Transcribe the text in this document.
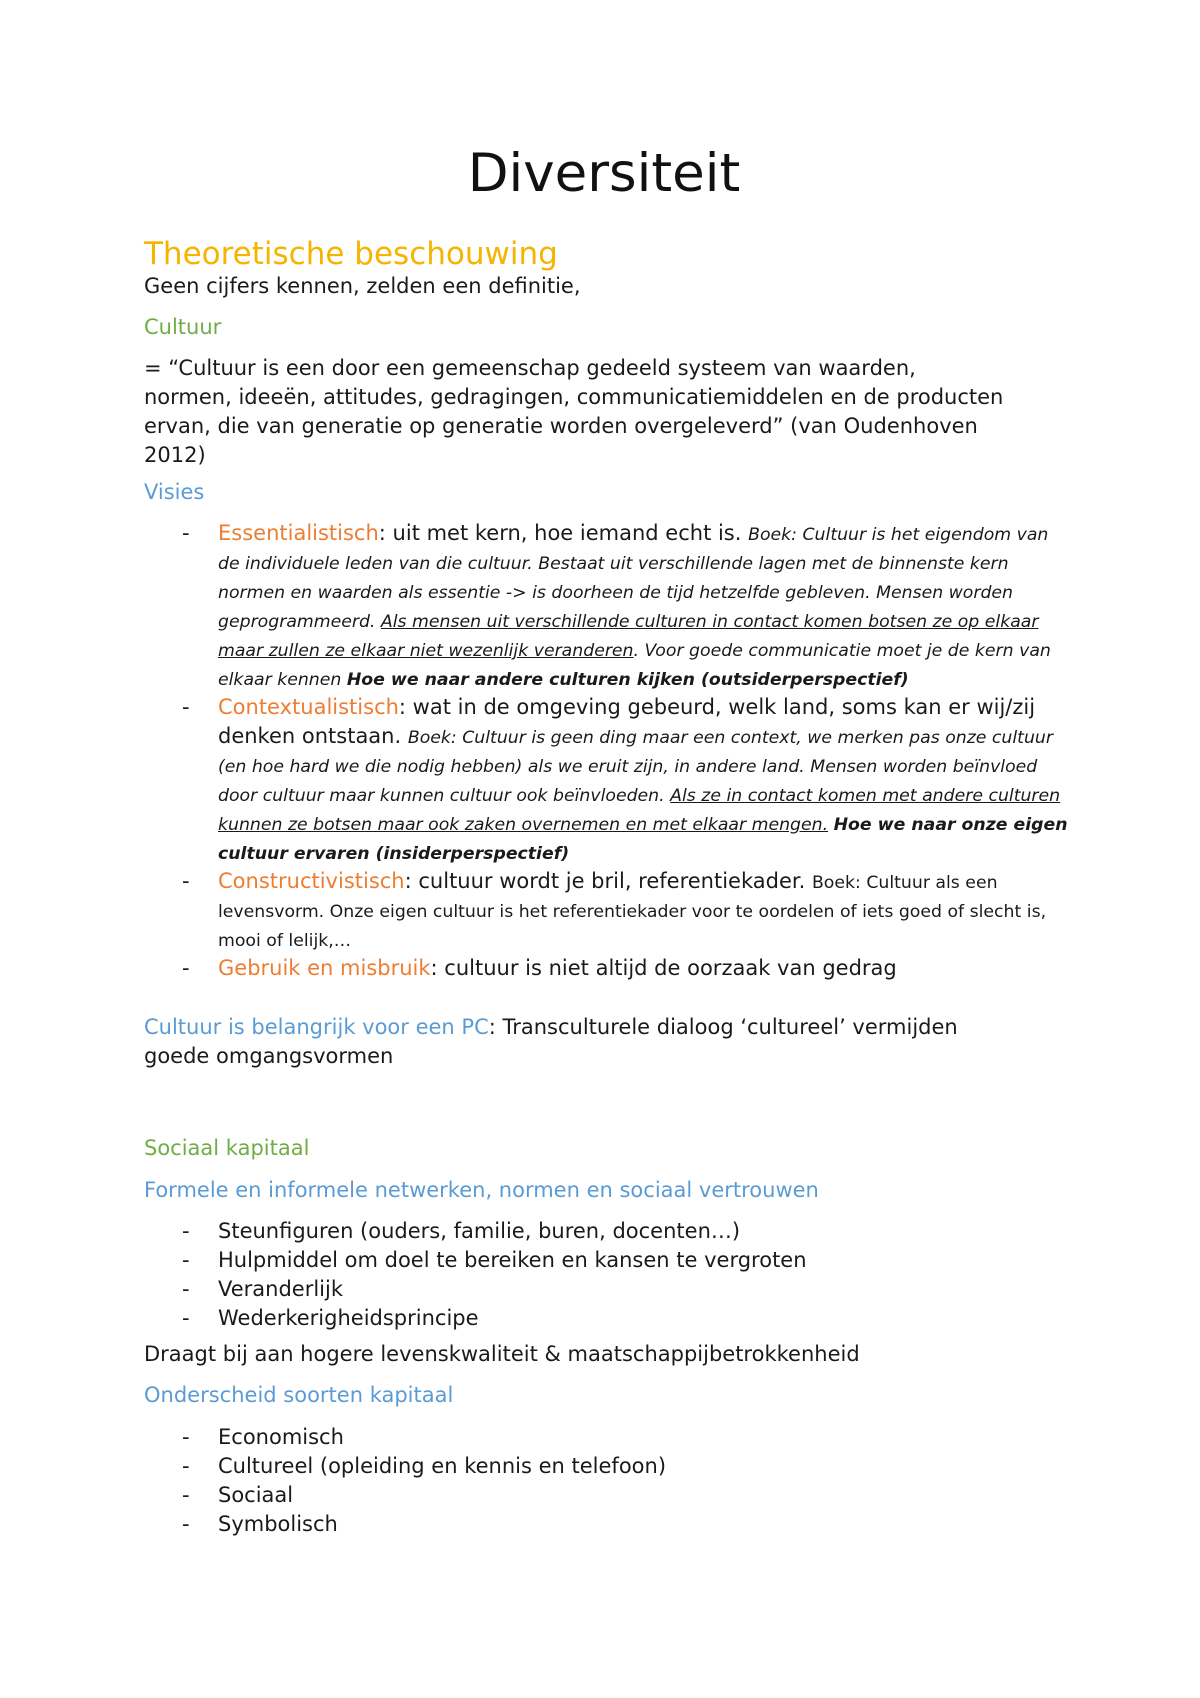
Diversiteit
Theoretische beschouwing

Geen cijfers kennen, zelden een definitie,

Cultuur

= “Cultuur is een door een gemeenschap gedeeld systeem van waarden, normen, ideeën, attitudes, gedragingen, communicatiemiddelen en de producten ervan, die van generatie op generatie worden overgeleverd” (van Oudenhoven 2012)

Visies

- Essentialistisch: uit met kern, hoe iemand echt is. Boek: Cultuur is het eigendom van de individuele leden van die cultuur. Bestaat uit verschillende lagen met de binnenste kern normen en waarden als essentie -> is doorheen de tijd hetzelfde gebleven. Mensen worden geprogrammeerd. Als mensen uit verschillende culturen in contact komen botsen ze op elkaar maar zullen ze elkaar niet wezenlijk veranderen. Voor goede communicatie moet je de kern van elkaar kennen Hoe we naar andere culturen kijken (outsiderperspectief)
- Contextualistisch: wat in de omgeving gebeurd, welk land, soms kan er wij/zij denken ontstaan. Boek: Cultuur is geen ding maar een context, we merken pas onze cultuur (en hoe hard we die nodig hebben) als we eruit zijn, in andere land. Mensen worden beïnvloed door cultuur maar kunnen cultuur ook beïnvloeden. Als ze in contact komen met andere culturen kunnen ze botsen maar ook zaken overnemen en met elkaar mengen. Hoe we naar onze eigen cultuur ervaren (insiderperspectief)
- Constructivistisch: cultuur wordt je bril, referentiekader. Boek: Cultuur als een levensvorm. Onze eigen cultuur is het referentiekader voor te oordelen of iets goed of slecht is, mooi of lelijk,…
- Gebruik en misbruik: cultuur is niet altijd de oorzaak van gedrag

Cultuur is belangrijk voor een PC: Transculturele dialoog ‘cultureel’ vermijden goede omgangsvormen

Sociaal kapitaal

Formele en informele netwerken, normen en sociaal vertrouwen

- Steunfiguren (ouders, familie, buren, docenten…)
- Hulpmiddel om doel te bereiken en kansen te vergroten
- Veranderlijk
- Wederkerigheidsprincipe

Draagt bij aan hogere levenskwaliteit & maatschappijbetrokkenheid

Onderscheid soorten kapitaal

- Economisch
- Cultureel (opleiding en kennis en telefoon)
- Sociaal
- Symbolisch
